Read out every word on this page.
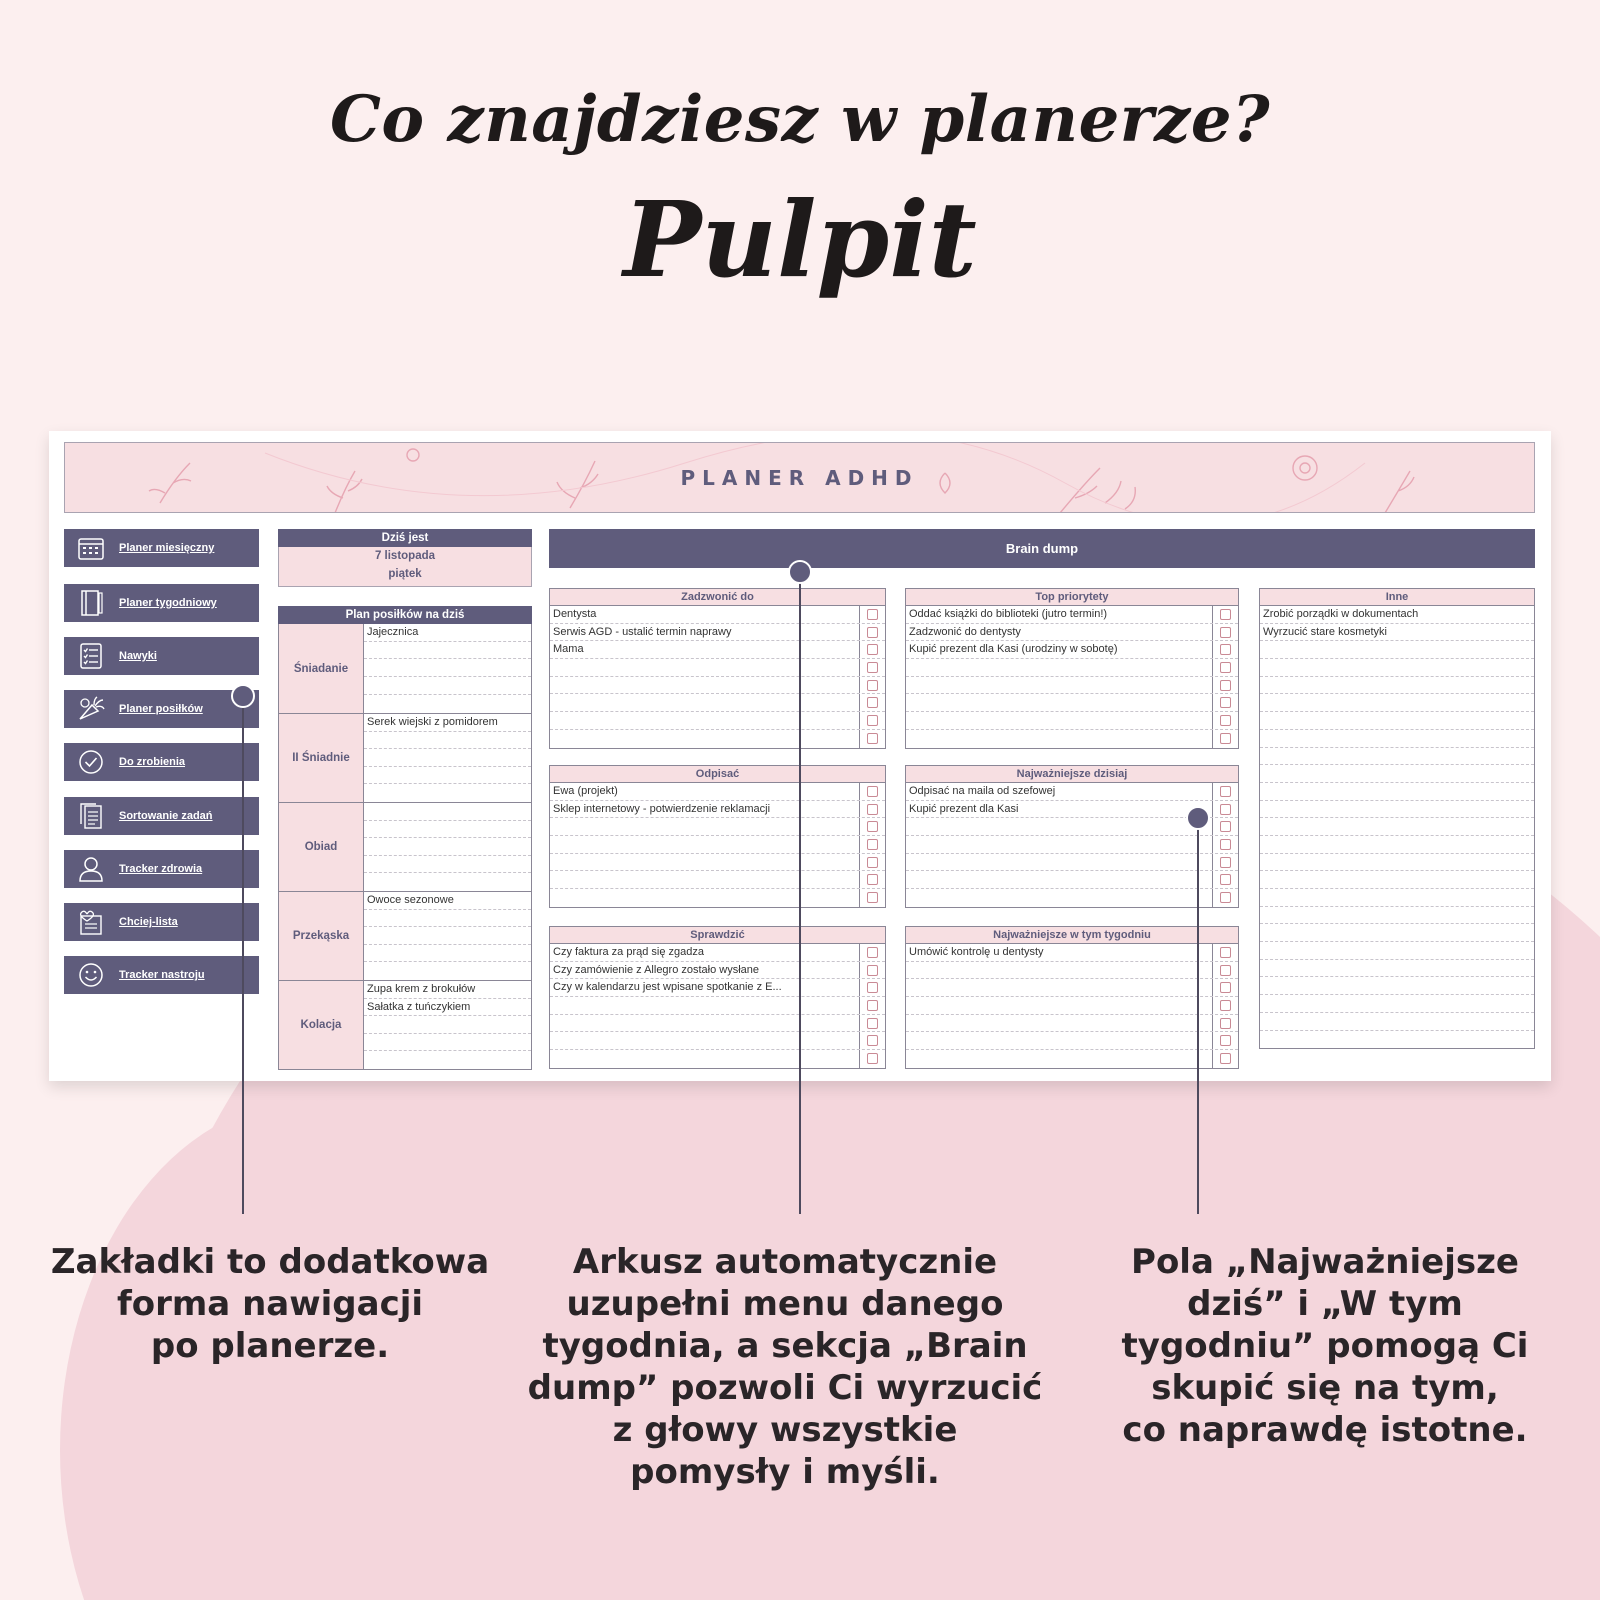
Co znajdziesz w planerze?
Pulpit
PLANER ADHD
Planer miesięczny
Planer tygodniowy
Nawyki
Planer posiłków
Do zrobienia
Sortowanie zadań
Tracker zdrowia
Chciej-lista
Tracker nastroju
Dziś jest
7 listopada
piątek
Plan posiłków na dziś
Śniadanie
Jajecznica
II Śniadnie
Serek wiejski z pomidorem
Obiad
Przekąska
Owoce sezonowe
Kolacja
Zupa krem z brokułów
Sałatka z tuńczykiem
Brain dump
Zadzwonić do
Dentysta
Serwis AGD - ustalić termin naprawy
Mama
Top priorytety
Oddać książki do biblioteki (jutro termin!)
Zadzwonić do dentysty
Kupić prezent dla Kasi (urodziny w sobotę)
Odpisać
Ewa (projekt)
Sklep internetowy - potwierdzenie reklamacji
Najważniejsze dzisiaj
Odpisać na maila od szefowej
Kupić prezent dla Kasi
Sprawdzić
Czy faktura za prąd się zgadza
Czy zamówienie z Allegro zostało wysłane
Czy w kalendarzu jest wpisane spotkanie z E...
Najważniejsze w tym tygodniu
Umówić kontrolę u dentysty
Inne
Zrobić porządki w dokumentach
Wyrzucić stare kosmetyki
Zakładki to dodatkowa
forma nawigacji
po planerze.
Arkusz automatycznie
uzupełni menu danego
tygodnia, a sekcja „Brain
dump” pozwoli Ci wyrzucić
z głowy wszystkie
pomysły i myśli.
Pola „Najważniejsze
dziś” i „W tym
tygodniu” pomogą Ci
skupić się na tym,
co naprawdę istotne.
